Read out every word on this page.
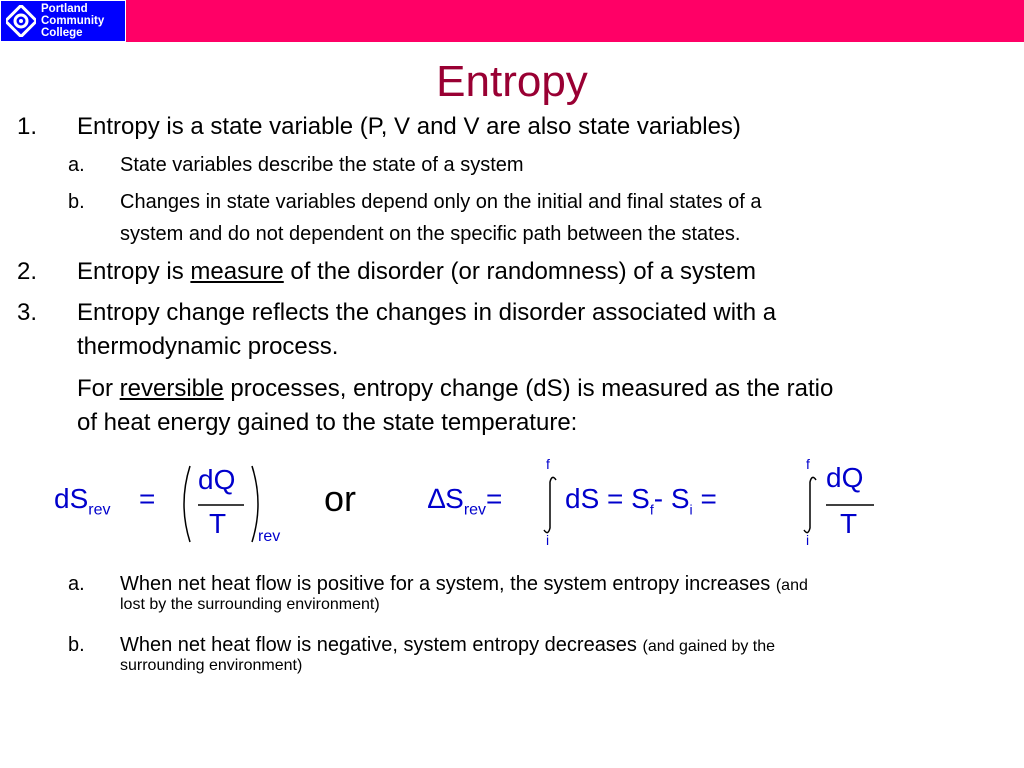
Portland
Community
College
Entropy
1. Entropy is a state variable (P, V and V are also state variables)
a. State variables describe the state of a system
b. Changes in state variables depend only on the initial and final states of a
system and do not dependent on the specific path between the states.
2. Entropy is measure of the disorder (or randomness) of a system
3. Entropy change reflects the changes in disorder associated with a
thermodynamic process.
For reversible processes, entropy change (dS) is measured as the ratio
of heat energy gained to the state temperature:
$dS_{rev}$ =
dQ
T rev
or	$\Delta S_{rev}=$
f
i
dS = $S_f-$ $S_i$ =
f
i
dQ
T
a. When net heat flow is positive for a system, the system entropy increases (and
lost by the surrounding environment)
b. When net heat flow is negative, system entropy decreases (and gained by the
surrounding environment)
